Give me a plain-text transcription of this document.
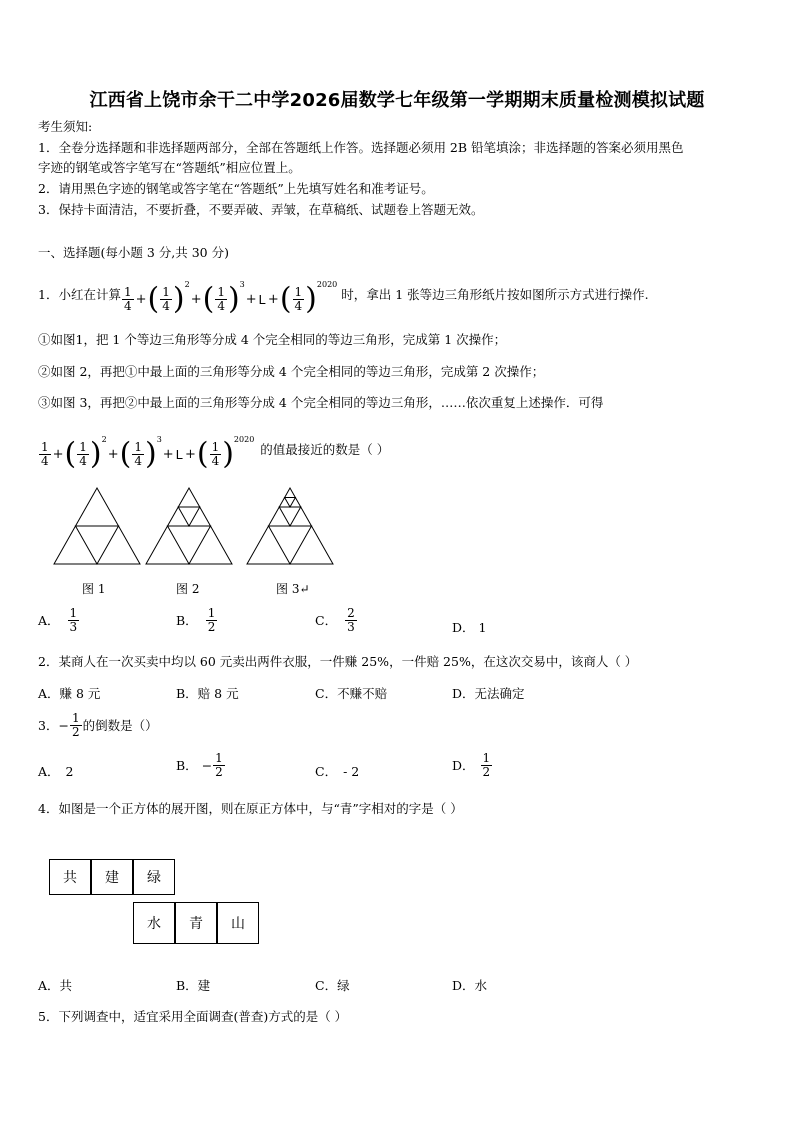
江西省上饶市余干二中学2026届数学七年级第一学期期末质量检测模拟试题
考生须知:
1．全卷分选择题和非选择题两部分，全部在答题纸上作答。选择题必须用 2B 铅笔填涂；非选择题的答案必须用黑色
字迹的钢笔或答字笔写在“答题纸”相应位置上。
2．请用黑色字迹的钢笔或答字笔在“答题纸”上先填写姓名和准考证号。
3．保持卡面清洁，不要折叠，不要弄破、弄皱，在草稿纸、试题卷上答题无效。
一、选择题(每小题 3 分,共 30 分)
1．小红在计算 $\frac{1}{4}$ +( $\frac{1}{4} )^2+( \frac{1}{4} )^3+ L$ +( $\frac{1}{4} )^{2020}$
时，拿出 1 张等边三角形纸片按如图所示方式进行操作.
①如图1，把 1 个等边三角形等分成 4 个完全相同的等边三角形，完成第 1 次操作；
②如图 2，再把①中最上面的三角形等分成 4 个完全相同的等边三角形，完成第 2 次操作；
③如图 3，再把②中最上面的三角形等分成 4 个完全相同的等边三角形，……依次重复上述操作．可得
$\frac{1}{4}$ +( $\frac{1}{4} )^2+( \frac{1}{4} )^3+ L$ +( $\frac{1}{4} )^{2020}$
的值最接近的数是（ ）
图 1	图 2	图 3↵
A． $\frac{1}{3}$	B． $\frac{1}{2}$	C． $\frac{2}{3}$	D． 1
2．某商人在一次买卖中均以 60 元卖出两件衣服，一件赚 25%，一件赔 25%，在这次交易中，该商人（ ）
A．赚 8 元	B．赔 8 元	C．不赚不赔	D．无法确定
3． − $\frac{1}{2}$ 的倒数是（）
A． 2	B． − $\frac{1}{2}$	C． - 2	D． $\frac{1}{2}$
4．如图是一个正方体的展开图，则在原正方体中，与“青”字相对的字是（ ）
共	建	绿
水	青	山
A．共	B．建	C．绿	D．水
5．下列调查中，适宜采用全面调查(普查)方式的是（ ）
